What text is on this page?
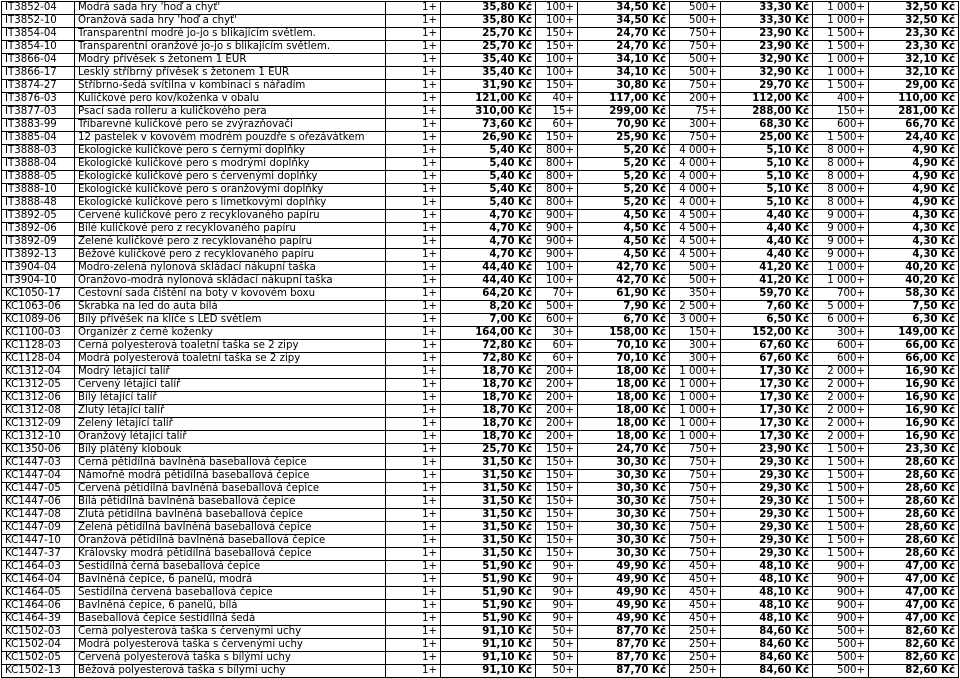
IT3852-04	Modrá sada hry 'hoď a chyť'	1+	35,80 Kč	100+	34,50 Kč	500+	33,30 Kč	1 000+	32,50 Kč
IT3852-10	Oranžová sada hry 'hoď a chyť'	1+	35,80 Kč	100+	34,50 Kč	500+	33,30 Kč	1 000+	32,50 Kč
IT3854-04	Transparentní modré jo-jo s blikajícím světlem.	1+	25,70 Kč	150+	24,70 Kč	750+	23,90 Kč	1 500+	23,30 Kč
IT3854-10	Transparentní oranžové jo-jo s blikajícím světlem.	1+	25,70 Kč	150+	24,70 Kč	750+	23,90 Kč	1 500+	23,30 Kč
IT3866-04	Modrý přívěsek s žetonem 1 EUR	1+	35,40 Kč	100+	34,10 Kč	500+	32,90 Kč	1 000+	32,10 Kč
IT3866-17	Lesklý stříbrný přívěsek s žetonem 1 EUR	1+	35,40 Kč	100+	34,10 Kč	500+	32,90 Kč	1 000+	32,10 Kč
IT3874-27	Stříbrno-šedá svítilna v kombinaci s nářadím	1+	31,90 Kč	150+	30,80 Kč	750+	29,70 Kč	1 500+	29,00 Kč
IT3876-03	Kuličkové pero kov/koženka v obalu	1+	121,00 Kč	40+	117,00 Kč	200+	112,00 Kč	400+	110,00 Kč
IT3877-03	Psací sada rolleru a kuličkového pera	1+	310,00 Kč	15+	299,00 Kč	75+	288,00 Kč	150+	281,00 Kč
IT3883-99	Tříbarevné kuličkové pero se zvýrazňovači	1+	73,60 Kč	60+	70,90 Kč	300+	68,30 Kč	600+	66,70 Kč
IT3885-04	12 pastelek v kovovém modrém pouzdře s ořezávátkem	1+	26,90 Kč	150+	25,90 Kč	750+	25,00 Kč	1 500+	24,40 Kč
IT3888-03	Ekologické kuličkové pero s černými doplňky	1+	5,40 Kč	800+	5,20 Kč	4 000+	5,10 Kč	8 000+	4,90 Kč
IT3888-04	Ekologické kuličkové pero s modrými doplňky	1+	5,40 Kč	800+	5,20 Kč	4 000+	5,10 Kč	8 000+	4,90 Kč
IT3888-05	Ekologické kuličkové pero s červenými doplňky	1+	5,40 Kč	800+	5,20 Kč	4 000+	5,10 Kč	8 000+	4,90 Kč
IT3888-10	Ekologické kuličkové pero s oranžovými doplňky	1+	5,40 Kč	800+	5,20 Kč	4 000+	5,10 Kč	8 000+	4,90 Kč
IT3888-48	Ekologické kuličkové pero s limetkovými doplňky	1+	5,40 Kč	800+	5,20 Kč	4 000+	5,10 Kč	8 000+	4,90 Kč
IT3892-05	Červené kuličkové pero z recyklovaného papíru	1+	4,70 Kč	900+	4,50 Kč	4 500+	4,40 Kč	9 000+	4,30 Kč
IT3892-06	Bílé kuličkové pero z recyklovaného papíru	1+	4,70 Kč	900+	4,50 Kč	4 500+	4,40 Kč	9 000+	4,30 Kč
IT3892-09	Zelené kuličkové pero z recyklovaného papíru	1+	4,70 Kč	900+	4,50 Kč	4 500+	4,40 Kč	9 000+	4,30 Kč
IT3892-13	Béžové kuličkové pero z recyklovaného papíru	1+	4,70 Kč	900+	4,50 Kč	4 500+	4,40 Kč	9 000+	4,30 Kč
IT3904-04	Modro-zelená nylonová skládací nákupní taška	1+	44,40 Kč	100+	42,70 Kč	500+	41,20 Kč	1 000+	40,20 Kč
IT3904-10	Oranžovo-modrá nylonová skládací nákupní taška	1+	44,40 Kč	100+	42,70 Kč	500+	41,20 Kč	1 000+	40,20 Kč
KC1050-17	Cestovní sada čištění na boty v kovovém boxu	1+	64,20 Kč	70+	61,90 Kč	350+	59,70 Kč	700+	58,30 Kč
KC1063-06	Škrabka na led do auta bílá	1+	8,20 Kč	500+	7,90 Kč	2 500+	7,60 Kč	5 000+	7,50 Kč
KC1089-06	Bílý přívěšek na klíče s LED světlem	1+	7,00 Kč	600+	6,70 Kč	3 000+	6,50 Kč	6 000+	6,30 Kč
KC1100-03	Organizér z černé koženky	1+	164,00 Kč	30+	158,00 Kč	150+	152,00 Kč	300+	149,00 Kč
KC1128-03	Černá polyesterová toaletní taška se 2 zipy	1+	72,80 Kč	60+	70,10 Kč	300+	67,60 Kč	600+	66,00 Kč
KC1128-04	Modrá polyesterová toaletní taška se 2 zipy	1+	72,80 Kč	60+	70,10 Kč	300+	67,60 Kč	600+	66,00 Kč
KC1312-04	Modrý létající talíř	1+	18,70 Kč	200+	18,00 Kč	1 000+	17,30 Kč	2 000+	16,90 Kč
KC1312-05	Červený létající talíř	1+	18,70 Kč	200+	18,00 Kč	1 000+	17,30 Kč	2 000+	16,90 Kč
KC1312-06	Bílý létající talíř	1+	18,70 Kč	200+	18,00 Kč	1 000+	17,30 Kč	2 000+	16,90 Kč
KC1312-08	Žlutý létající talíř	1+	18,70 Kč	200+	18,00 Kč	1 000+	17,30 Kč	2 000+	16,90 Kč
KC1312-09	Zelený létající talíř	1+	18,70 Kč	200+	18,00 Kč	1 000+	17,30 Kč	2 000+	16,90 Kč
KC1312-10	Oranžový létající talíř	1+	18,70 Kč	200+	18,00 Kč	1 000+	17,30 Kč	2 000+	16,90 Kč
KC1350-06	Bílý plátěný klobouk	1+	25,70 Kč	150+	24,70 Kč	750+	23,90 Kč	1 500+	23,30 Kč
KC1447-03	Černá pětidílná bavlněná baseballová čepice	1+	31,50 Kč	150+	30,30 Kč	750+	29,30 Kč	1 500+	28,60 Kč
KC1447-04	Námořně modrá pětidílná baseballová čepice	1+	31,50 Kč	150+	30,30 Kč	750+	29,30 Kč	1 500+	28,60 Kč
KC1447-05	Červená pětidílná bavlněná baseballová čepice	1+	31,50 Kč	150+	30,30 Kč	750+	29,30 Kč	1 500+	28,60 Kč
KC1447-06	Bílá pětidílná bavlněná baseballová čepice	1+	31,50 Kč	150+	30,30 Kč	750+	29,30 Kč	1 500+	28,60 Kč
KC1447-08	Žlutá pětidílná bavlněná baseballová čepice	1+	31,50 Kč	150+	30,30 Kč	750+	29,30 Kč	1 500+	28,60 Kč
KC1447-09	Zelená pětidílná bavlněná baseballová čepice	1+	31,50 Kč	150+	30,30 Kč	750+	29,30 Kč	1 500+	28,60 Kč
KC1447-10	Oranžová pětidílná bavlněná baseballová čepice	1+	31,50 Kč	150+	30,30 Kč	750+	29,30 Kč	1 500+	28,60 Kč
KC1447-37	Královsky modrá pětidílná baseballová čepice	1+	31,50 Kč	150+	30,30 Kč	750+	29,30 Kč	1 500+	28,60 Kč
KC1464-03	Šestidílná černá baseballová čepice	1+	51,90 Kč	90+	49,90 Kč	450+	48,10 Kč	900+	47,00 Kč
KC1464-04	Bavlněná čepice, 6 panelů, modrá	1+	51,90 Kč	90+	49,90 Kč	450+	48,10 Kč	900+	47,00 Kč
KC1464-05	Šestidílná červená baseballová čepice	1+	51,90 Kč	90+	49,90 Kč	450+	48,10 Kč	900+	47,00 Kč
KC1464-06	Bavlněná čepice, 6 panelů, bílá	1+	51,90 Kč	90+	49,90 Kč	450+	48,10 Kč	900+	47,00 Kč
KC1464-39	Baseballová čepice šestidílná šedá	1+	51,90 Kč	90+	49,90 Kč	450+	48,10 Kč	900+	47,00 Kč
KC1502-03	Černá polyesterová taška s červenými uchy	1+	91,10 Kč	50+	87,70 Kč	250+	84,60 Kč	500+	82,60 Kč
KC1502-04	Modrá polyesterová taška s červenými uchy	1+	91,10 Kč	50+	87,70 Kč	250+	84,60 Kč	500+	82,60 Kč
KC1502-05	Červená polyesterová taška s bílými uchy	1+	91,10 Kč	50+	87,70 Kč	250+	84,60 Kč	500+	82,60 Kč
KC1502-13	Béžová polyesterová taška s bílými uchy	1+	91,10 Kč	50+	87,70 Kč	250+	84,60 Kč	500+	82,60 Kč
